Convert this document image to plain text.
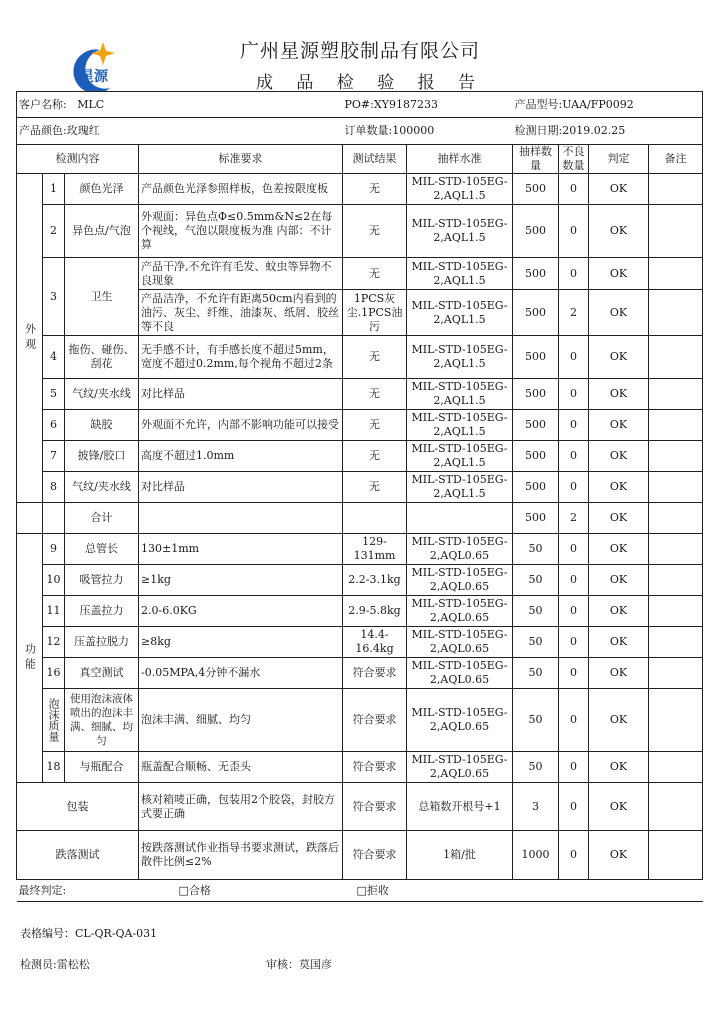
星源
广州星源塑胶制品有限公司
成 品 检 验 报 告
客户名称: MLC				PO#:XY9187233		产品型号:UAA/FP0092			
产品颜色:玫瑰红				订单数量:100000		检测日期:2019.02.25			
检测内容			标准要求	测试结果	抽样水准	抽样数量	不良数量	判定	备注
外观	1	颜色光泽	产品颜色光泽参照样板，色差按限度板	无	MIL-STD-105EG-2,AQL1.5	500	0	OK	
	2	异色点/气泡	外观面：异色点Φ≤0.5mm&N≤2在每个视线，气泡以限度板为准 内部：不计算	无	MIL-STD-105EG-2,AQL1.5	500	0	OK	
	3	卫生	产品干净,不允许有毛发、蚊虫等异物不良现象	无	MIL-STD-105EG-2,AQL1.5	500	0	OK	
			产品洁净，不允许有距离50cm内看到的油污、灰尘、纤维、油漆灰、纸屑、胶丝等不良	1PCS灰尘.1PCS油污	MIL-STD-105EG-2,AQL1.5	500	2	OK	
	4	拖伤、碰伤、刮花	无手感不计，有手感长度不超过5mm，宽度不超过0.2mm,每个视角不超过2条	无	MIL-STD-105EG-2,AQL1.5	500	0	OK	
	5	气纹/夹水线	对比样品	无	MIL-STD-105EG-2,AQL1.5	500	0	OK	
	6	缺胶	外观面不允许，内部不影响功能可以接受	无	MIL-STD-105EG-2,AQL1.5	500	0	OK	
	7	披锋/胶口	高度不超过1.0mm	无	MIL-STD-105EG-2,AQL1.5	500	0	OK	
	8	气纹/夹水线	对比样品	无	MIL-STD-105EG-2,AQL1.5	500	0	OK	
		合计				500	2	OK	
功能	9	总管长	130±1mm	129-131mm	MIL-STD-105EG-2,AQL0.65	50	0	OK	
	10	吸管拉力	≥1kg	2.2-3.1kg	MIL-STD-105EG-2,AQL0.65	50	0	OK	
	11	压盖拉力	2.0-6.0KG	2.9-5.8kg	MIL-STD-105EG-2,AQL0.65	50	0	OK	
	12	压盖拉脱力	≥8kg	14.4-16.4kg	MIL-STD-105EG-2,AQL0.65	50	0	OK	
	16	真空测试	-0.05MPA,4分钟不漏水	符合要求	MIL-STD-105EG-2,AQL0.65	50	0	OK	
	泡沫质量	使用泡沫液体喷出的泡沫丰满、细腻、均匀	泡沫丰满、细腻、均匀	符合要求	MIL-STD-105EG-2,AQL0.65	50	0	OK	
	18	与瓶配合	瓶盖配合顺畅、无歪头	符合要求	MIL-STD-105EG-2,AQL0.65	50	0	OK	
包装			核对箱唛正确，包装用2个胶袋，封胶方式要正确	符合要求	总箱数开根号+1	3	0	OK	
跌落测试			按跌落测试作业指导书要求测试，跌落后散件比例≤2%	符合要求	1箱/批	1000	0	OK	
最终判定: □合格 □拒收									
表格编号：CL-QR-QA-031
检测员:雷松松	审核：莫国彦
